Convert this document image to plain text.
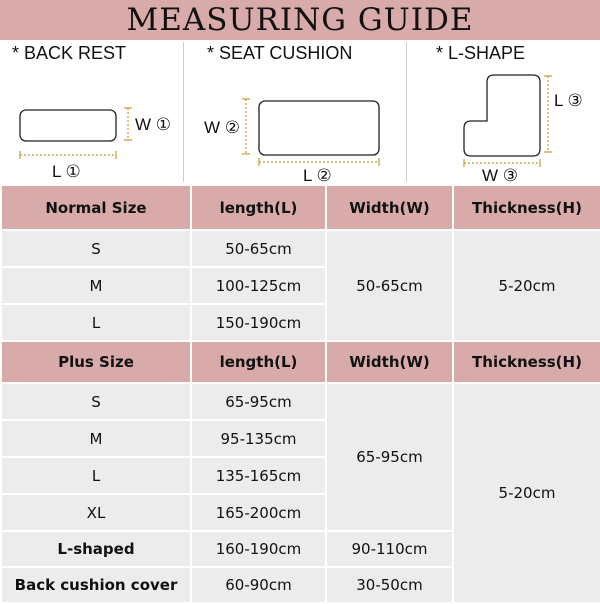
MEASURING GUIDE
* BACK REST
W ①
L ①
* SEAT CUSHION
W ②
L ②
* L-SHAPE
L ③
W ③
Normal Size	length(L)	Width(W)	Thickness(H)
S	50-65cm	50-65cm	5-20cm
M	100-125cm		
L	150-190cm		
Plus Size	length(L)	Width(W)	Thickness(H)
S	65-95cm	65-95cm	5-20cm
M	95-135cm		
L	135-165cm		
XL	165-200cm		
L-shaped	160-190cm	90-110cm	
Back cushion cover	60-90cm	30-50cm	
